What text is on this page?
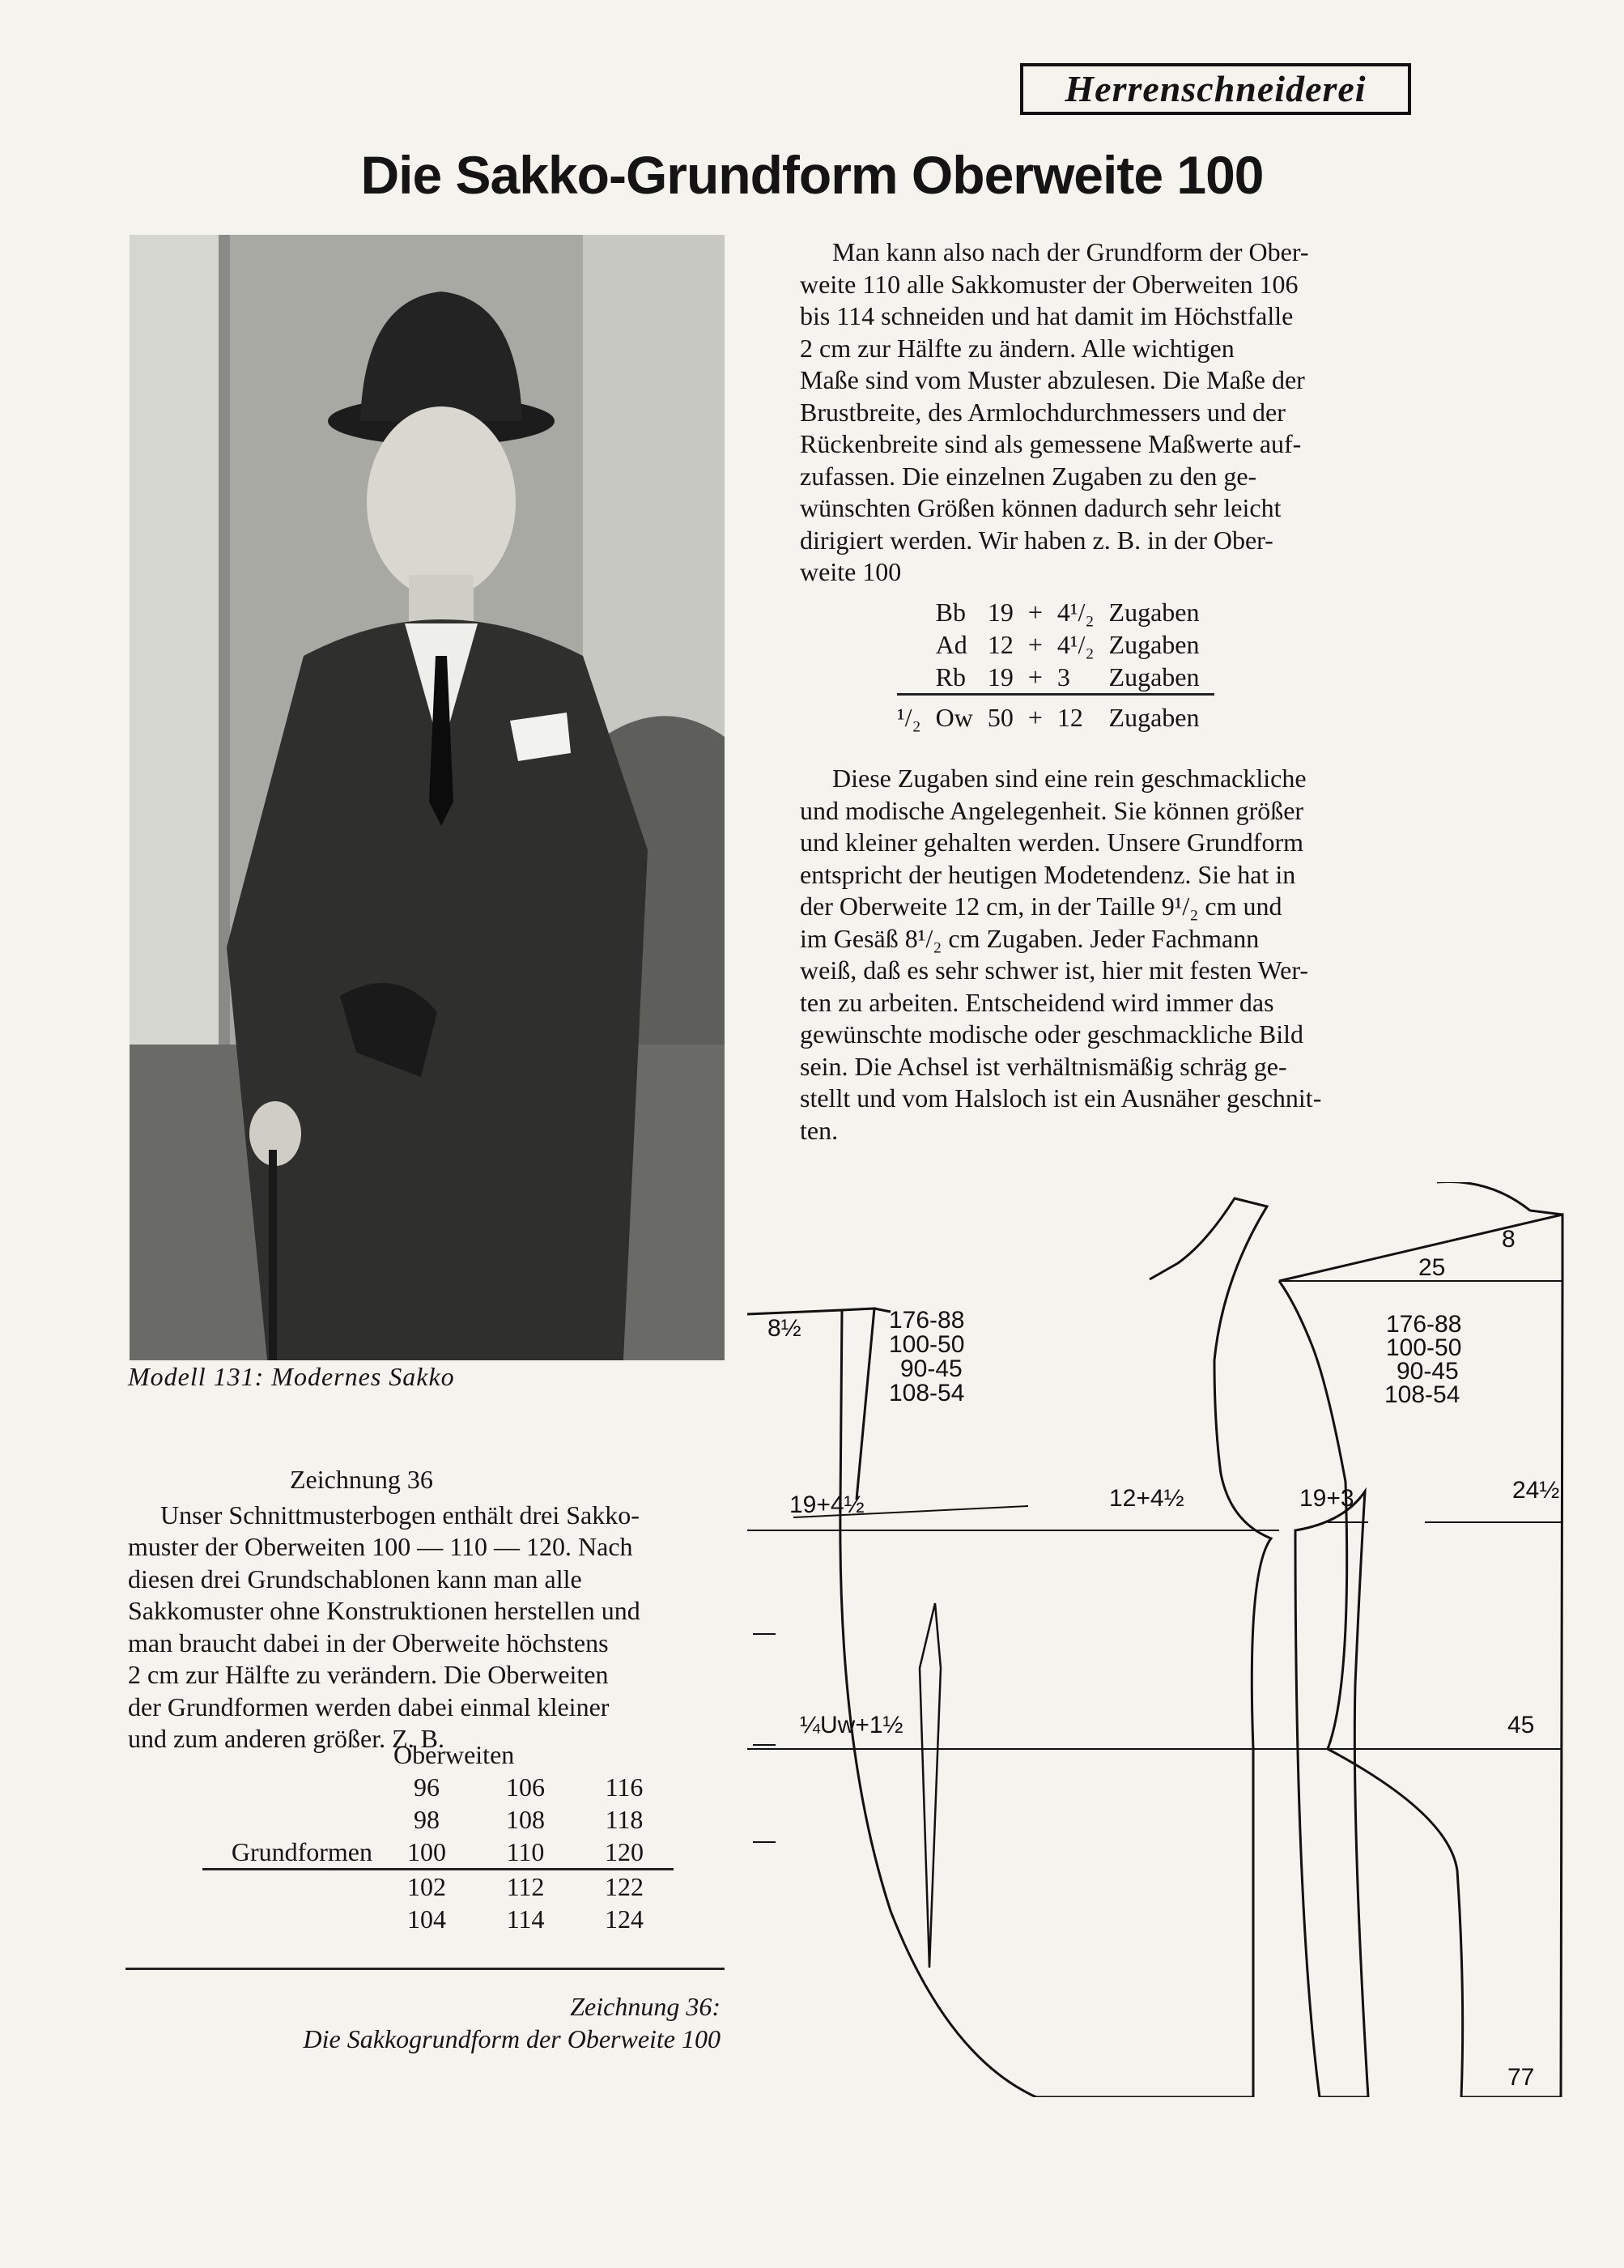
Herrenschneiderei
Die Sakko-Grundform Oberweite 100
Modell 131: Modernes Sakko
Man kann also nach der Grundform der Ober-
weite 110 alle Sakkomuster der Oberweiten 106
bis 114 schneiden und hat damit im Höchstfalle
2 cm zur Hälfte zu ändern. Alle wichtigen
Maße sind vom Muster abzulesen. Die Maße der
Brustbreite, des Armlochdurchmessers und der
Rückenbreite sind als gemessene Maßwerte auf-
zufassen. Die einzelnen Zugaben zu den ge-
wünschten Größen können dadurch sehr leicht
dirigiert werden. Wir haben z. B. in der Ober-
weite 100
	Bb	19	+	4¹/₂	Zugaben
	Ad	12	+	4¹/₂	Zugaben
	Rb	19	+	3	Zugaben
¹/₂	Ow	50	+	12	Zugaben
Diese Zugaben sind eine rein geschmackliche
und modische Angelegenheit. Sie können größer
und kleiner gehalten werden. Unsere Grundform
entspricht der heutigen Modetendenz. Sie hat in
der Oberweite 12 cm, in der Taille 9¹/₂ cm und
im Gesäß 8¹/₂ cm Zugaben. Jeder Fachmann
weiß, daß es sehr schwer ist, hier mit festen Wer-
ten zu arbeiten. Entscheidend wird immer das
gewünschte modische oder geschmackliche Bild
sein. Die Achsel ist verhältnismäßig schräg ge-
stellt und vom Halsloch ist ein Ausnäher geschnit-
ten.
Zeichnung 36
Unser Schnittmusterbogen enthält drei Sakko-
muster der Oberweiten 100 — 110 — 120. Nach
diesen drei Grundschablonen kann man alle
Sakkomuster ohne Konstruktionen herstellen und
man braucht dabei in der Oberweite höchstens
2 cm zur Hälfte zu verändern. Die Oberweiten
der Grundformen werden dabei einmal kleiner
und zum anderen größer. Z. B.
	Oberweiten		
	96	106	116
	98	108	118
Grundformen	100	110	120
	102	112	122
	104	114	124
Zeichnung 36:
Die Sakkogrundform der Oberweite 100
8½	176-88
100-50
90-45
108-54
19+4½
¼Uw+1½
12+4½
25
8
176-88
100-50
90-45
108-54
19+3	24½
45
77
